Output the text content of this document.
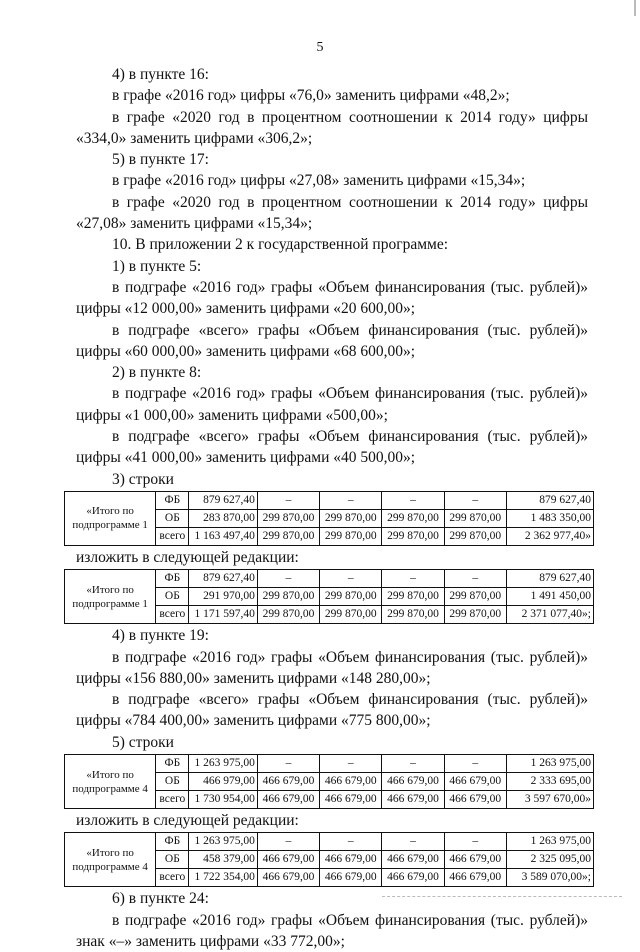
5

4) в пункте 16:

в графе «2016 год» цифры «76,0» заменить цифрами «48,2»;

в графе «2020 год в процентном соотношении к 2014 году» цифры «334,0» заменить цифрами «306,2»;

5) в пункте 17:

в графе «2016 год» цифры «27,08» заменить цифрами «15,34»;

в графе «2020 год в процентном соотношении к 2014 году» цифры «27,08» заменить цифрами «15,34»;

10. В приложении 2 к государственной программе:

1) в пункте 5:

в подграфе «2016 год» графы «Объем финансирования (тыс. рублей)» цифры «12 000,00» заменить цифрами «20 600,00»;

в подграфе «всего» графы «Объем финансирования (тыс. рублей)» цифры «60 000,00» заменить цифрами «68 600,00»;

2) в пункте 8:

в подграфе «2016 год» графы «Объем финансирования (тыс. рублей)» цифры «1 000,00» заменить цифрами «500,00»;

в подграфе «всего» графы «Объем финансирования (тыс. рублей)» цифры «41 000,00» заменить цифрами «40 500,00»;

3) строки

«Итого по подпрограмме 1	ФБ	879 627,40	–	–	–	–	879 627,40
	ОБ	283 870,00	299 870,00	299 870,00	299 870,00	299 870,00	1 483 350,00
	всего	1 163 497,40	299 870,00	299 870,00	299 870,00	299 870,00	2 362 977,40»

изложить в следующей редакции:

«Итого по подпрограмме 1	ФБ	879 627,40	–	–	–	–	879 627,40
	ОБ	291 970,00	299 870,00	299 870,00	299 870,00	299 870,00	1 491 450,00
	всего	1 171 597,40	299 870,00	299 870,00	299 870,00	299 870,00	2 371 077,40»;

4) в пункте 19:

в подграфе «2016 год» графы «Объем финансирования (тыс. рублей)» цифры «156 880,00» заменить цифрами «148 280,00»;

в подграфе «всего» графы «Объем финансирования (тыс. рублей)» цифры «784 400,00» заменить цифрами «775 800,00»;

5) строки

«Итого по подпрограмме 4	ФБ	1 263 975,00	–	–	–	–	1 263 975,00
	ОБ	466 979,00	466 679,00	466 679,00	466 679,00	466 679,00	2 333 695,00
	всего	1 730 954,00	466 679,00	466 679,00	466 679,00	466 679,00	3 597 670,00»

изложить в следующей редакции:

«Итого по подпрограмме 4	ФБ	1 263 975,00	–	–	–	–	1 263 975,00
	ОБ	458 379,00	466 679,00	466 679,00	466 679,00	466 679,00	2 325 095,00
	всего	1 722 354,00	466 679,00	466 679,00	466 679,00	466 679,00	3 589 070,00»;

6) в пункте 24:

в подграфе «2016 год» графы «Объем финансирования (тыс. рублей)» знак «–» заменить цифрами «33 772,00»;
